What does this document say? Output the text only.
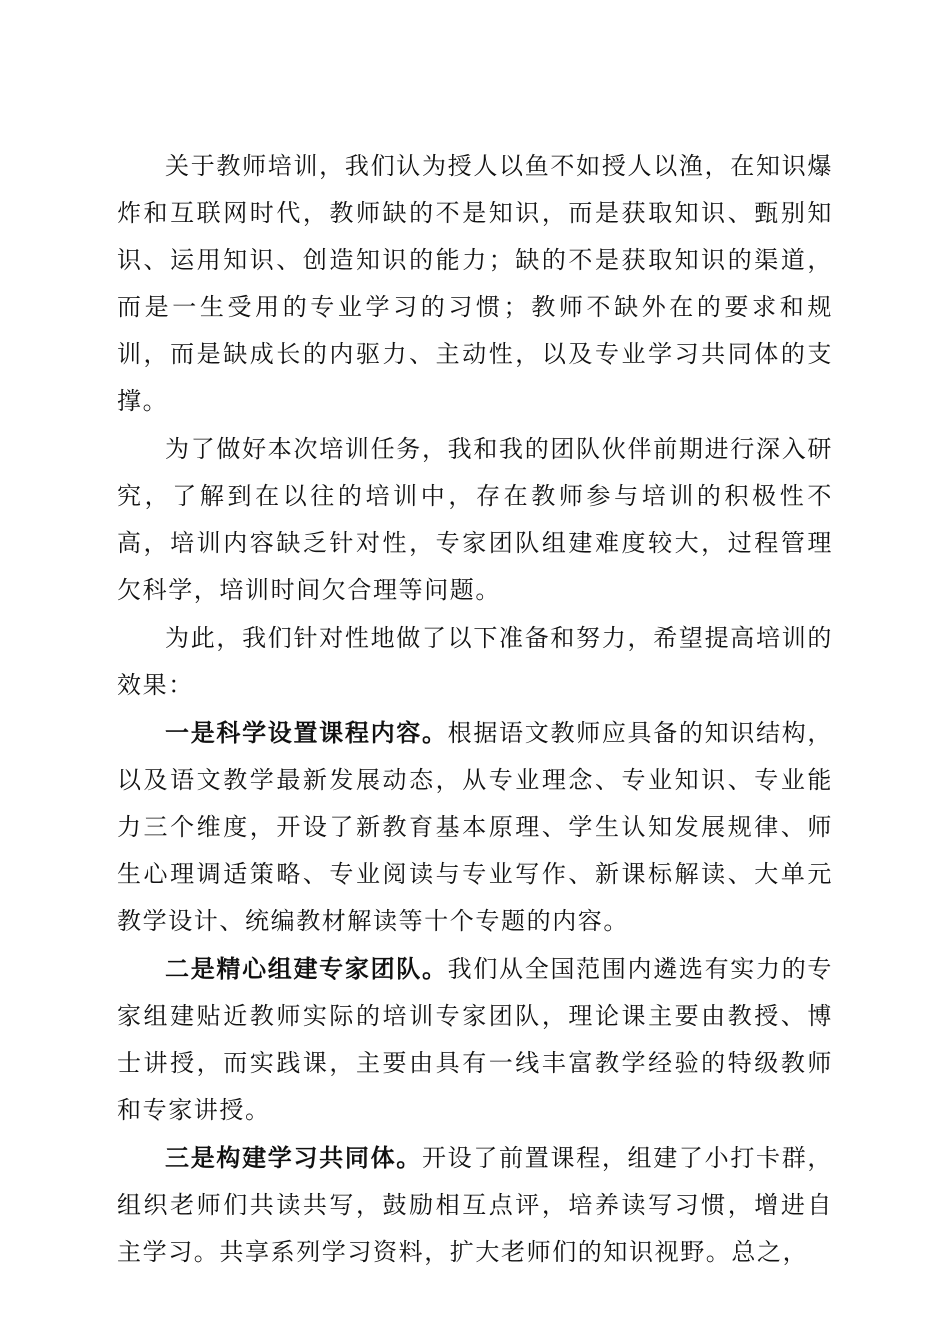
关于教师培训，我们认为授人以鱼不如授人以渔，在知识爆炸和互联网时代，教师缺的不是知识，而是获取知识、甄别知识、运用知识、创造知识的能力；缺的不是获取知识的渠道，而是一生受用的专业学习的习惯；教师不缺外在的要求和规训，而是缺成长的内驱力、主动性，以及专业学习共同体的支撑。

为了做好本次培训任务，我和我的团队伙伴前期进行深入研究，了解到在以往的培训中，存在教师参与培训的积极性不高，培训内容缺乏针对性，专家团队组建难度较大，过程管理欠科学，培训时间欠合理等问题。

为此，我们针对性地做了以下准备和努力，希望提高培训的效果：

一是科学设置课程内容。根据语文教师应具备的知识结构，以及语文教学最新发展动态，从专业理念、专业知识、专业能力三个维度，开设了新教育基本原理、学生认知发展规律、师生心理调适策略、专业阅读与专业写作、新课标解读、大单元教学设计、统编教材解读等十个专题的内容。

二是精心组建专家团队。我们从全国范围内遴选有实力的专家组建贴近教师实际的培训专家团队，理论课主要由教授、博士讲授，而实践课，主要由具有一线丰富教学经验的特级教师和专家讲授。

三是构建学习共同体。开设了前置课程，组建了小打卡群，组织老师们共读共写，鼓励相互点评，培养读写习惯，增进自主学习。共享系列学习资料，扩大老师们的知识视野。总之，
